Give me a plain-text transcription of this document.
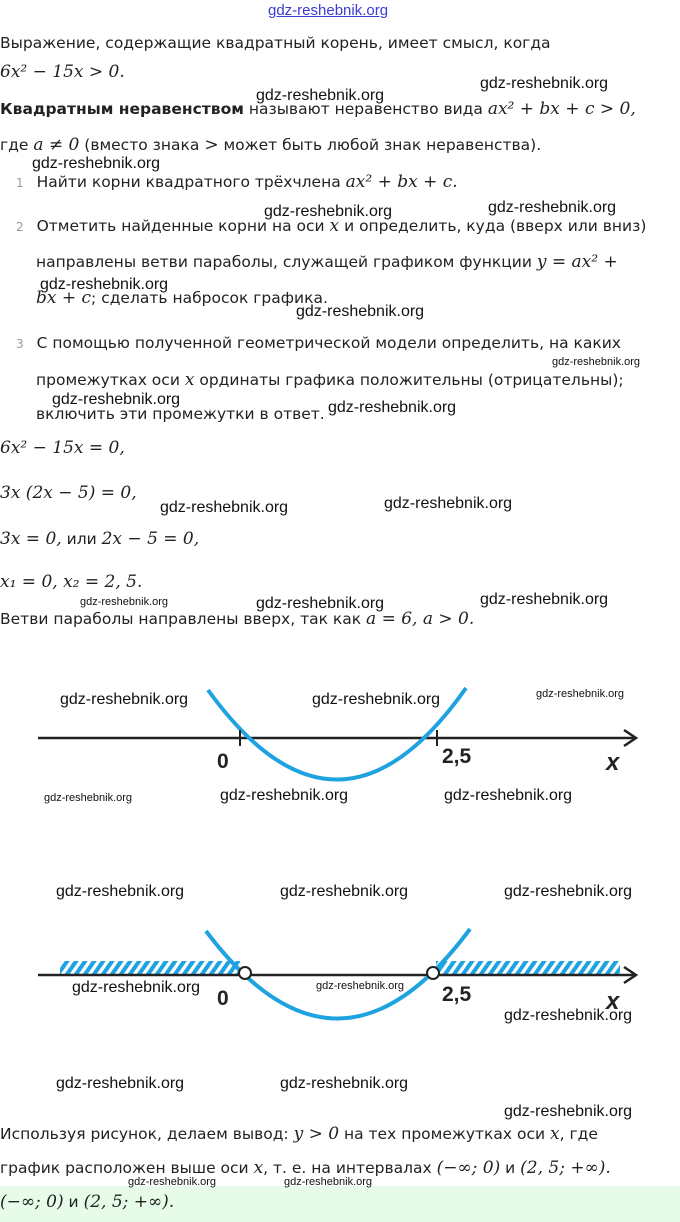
gdz-reshebnik.org
Выражение, содержащие квадратный корень, имеет смысл, когда
6x² − 15x > 0.
Квадратным неравенством называют неравенство вида ax² + bx + c > 0,
где a ≠ 0 (вместо знака > может быть любой знак неравенства).
1 Найти корни квадратного трёхчлена ax² + bx + c.
2 Отметить найденные корни на оси x и определить, куда (вверх или вниз)
направлены ветви параболы, служащей графиком функции y = ax² +
bx + c; сделать набросок графика.
3 С помощью полученной геометрической модели определить, на каких
промежутках оси x ординаты графика положительны (отрицательны);
включить эти промежутки в ответ.
6x² − 15x = 0,
3x (2x − 5) = 0,
3x = 0, или 2x − 5 = 0,
x₁ = 0, x₂ = 2, 5.
Ветви параболы направлены вверх, так как a = 6, a > 0.
0	2,5	x
0	2,5	x
Используя рисунок, делаем вывод: y > 0 на тех промежутках оси x, где
график расположен выше оси x, т. е. на интервалах (−∞; 0) и (2, 5; +∞).
(−∞; 0) и (2, 5; +∞).
gdz-reshebnik.org
gdz-reshebnik.org
gdz-reshebnik.org
gdz-reshebnik.org	gdz-reshebnik.org
gdz-reshebnik.org
gdz-reshebnik.org
gdz-reshebnik.org
gdz-reshebnik.org	gdz-reshebnik.org
gdz-reshebnik.org	gdz-reshebnik.org
gdz-reshebnik.org	gdz-reshebnik.org	gdz-reshebnik.org
gdz-reshebnik.org	gdz-reshebnik.org	gdz-reshebnik.org
gdz-reshebnik.org	gdz-reshebnik.org	gdz-reshebnik.org
gdz-reshebnik.org	gdz-reshebnik.org	gdz-reshebnik.org
gdz-reshebnik.org	gdz-reshebnik.org
gdz-reshebnik.org
gdz-reshebnik.org	gdz-reshebnik.org
gdz-reshebnik.org
gdz-reshebnik.org	gdz-reshebnik.org
